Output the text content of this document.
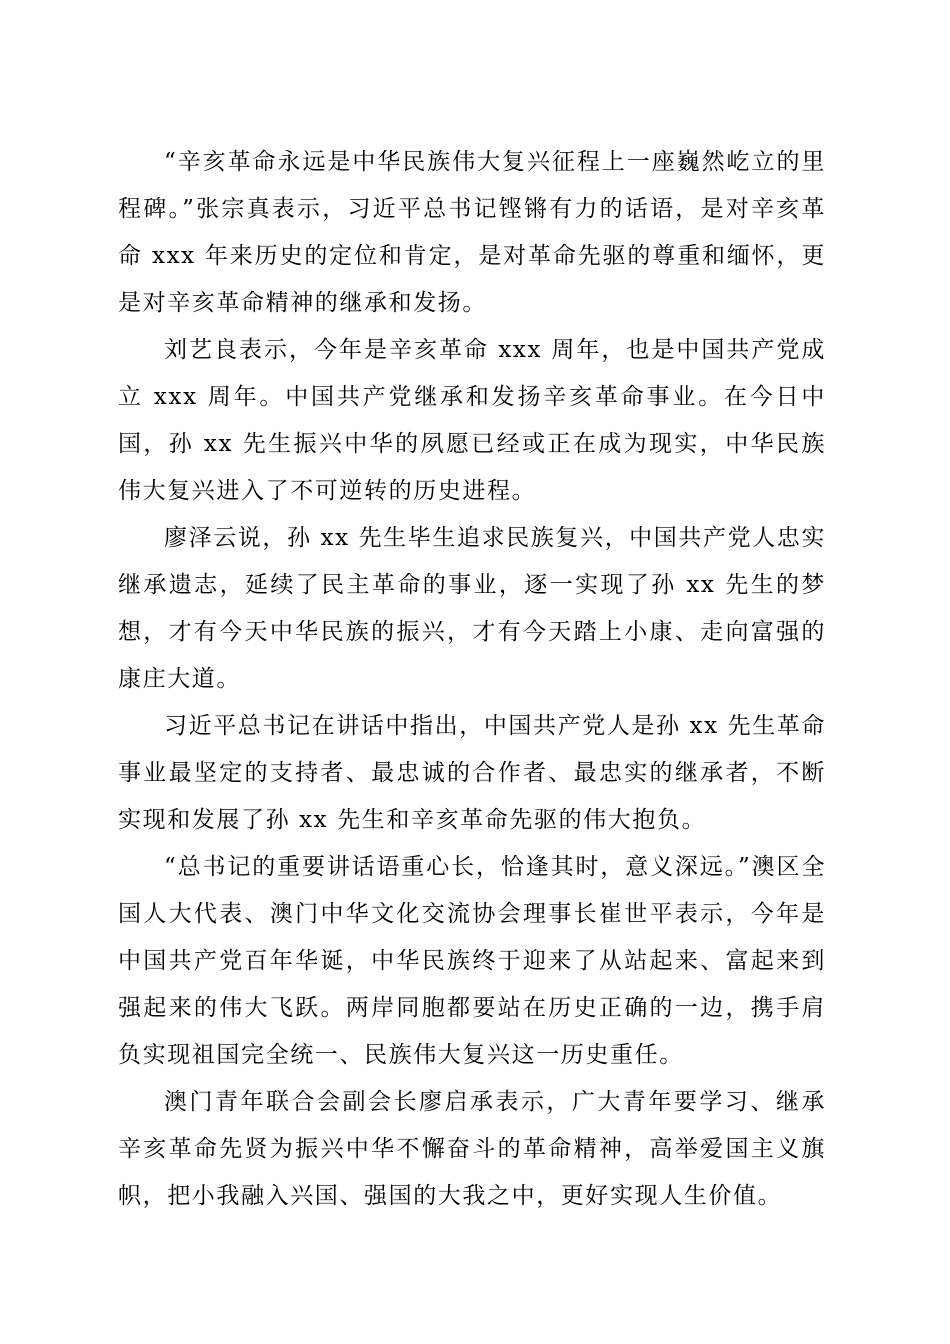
“辛亥革命永远是中华民族伟大复兴征程上一座巍然屹立的里程碑。”张宗真表示，习近平总书记铿锵有力的话语，是对辛亥革命 xxx 年来历史的定位和肯定，是对革命先驱的尊重和缅怀，更是对辛亥革命精神的继承和发扬。

刘艺良表示，今年是辛亥革命 xxx 周年，也是中国共产党成立 xxx 周年。中国共产党继承和发扬辛亥革命事业。在今日中国，孙 xx 先生振兴中华的夙愿已经或正在成为现实，中华民族伟大复兴进入了不可逆转的历史进程。

廖泽云说，孙 xx 先生毕生追求民族复兴，中国共产党人忠实继承遗志，延续了民主革命的事业，逐一实现了孙 xx 先生的梦想，才有今天中华民族的振兴，才有今天踏上小康、走向富强的康庄大道。

习近平总书记在讲话中指出，中国共产党人是孙 xx 先生革命事业最坚定的支持者、最忠诚的合作者、最忠实的继承者，不断实现和发展了孙 xx 先生和辛亥革命先驱的伟大抱负。

“总书记的重要讲话语重心长，恰逢其时，意义深远。”澳区全国人大代表、澳门中华文化交流协会理事长崔世平表示，今年是中国共产党百年华诞，中华民族终于迎来了从站起来、富起来到强起来的伟大飞跃。两岸同胞都要站在历史正确的一边，携手肩负实现祖国完全统一、民族伟大复兴这一历史重任。

澳门青年联合会副会长廖启承表示，广大青年要学习、继承辛亥革命先贤为振兴中华不懈奋斗的革命精神，高举爱国主义旗帜，把小我融入兴国、强国的大我之中，更好实现人生价值。
